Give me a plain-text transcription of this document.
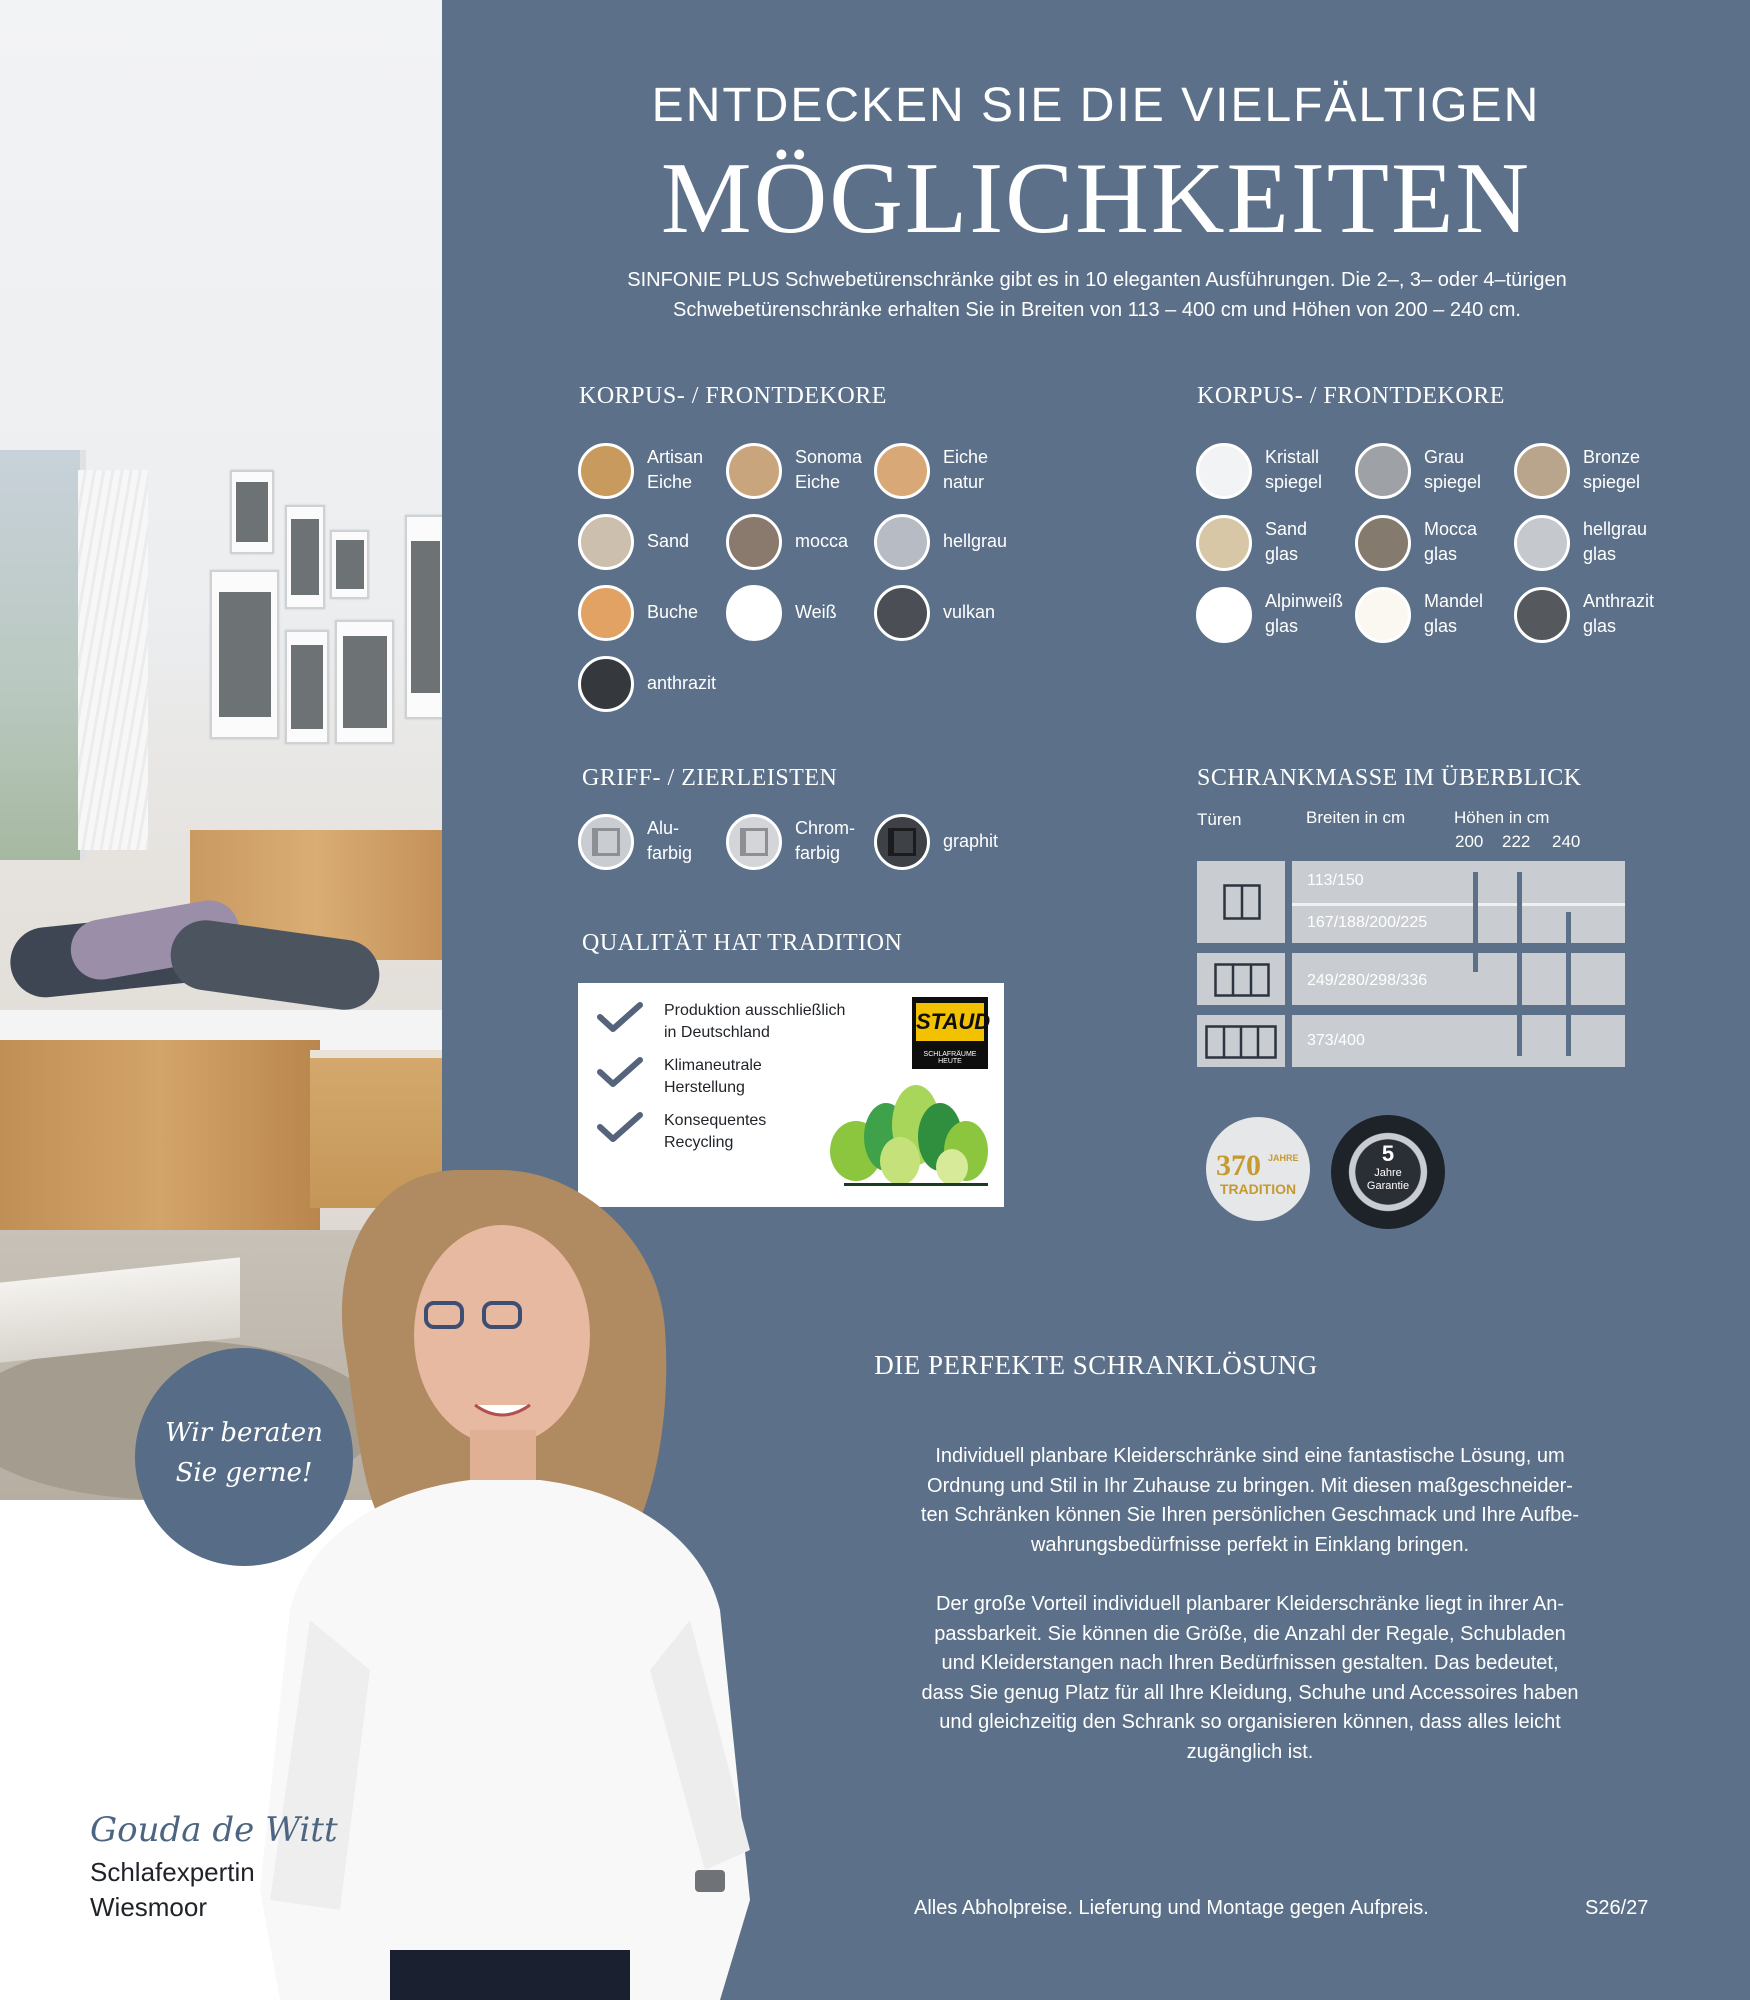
ENTDECKEN SIE DIE VIELFÄLTIGEN
MÖGLICHKEITEN
SINFONIE PLUS Schwebetürenschränke gibt es in 10 eleganten Ausführungen. Die 2–, 3– oder 4–türigen
Schwebetürenschränke erhalten Sie in Breiten von 113 – 400 cm und Höhen von 200 – 240 cm.
KORPUS- / FRONTDEKORE
Artisan
Eiche
Sonoma
Eiche
Eiche
natur
Sand	mocca	hellgrau
Buche	Weiß	vulkan
anthrazit
KORPUS- / FRONTDEKORE
Kristall
spiegel
Grau
spiegel
Bronze
spiegel
Sand
glas
Mocca
glas
hellgrau
glas
Alpinweiß
glas
Mandel
glas
Anthrazit
glas
GRIFF- / ZIERLEISTEN
Alu-
farbig
Chrom-
farbig
graphit
QUALITÄT HAT TRADITION
Produktion ausschließlich
in Deutschland
Klimaneutrale
Herstellung
Konsequentes
Recycling
STAUD
SCHLAFRÄUME HEUTE
SCHRANKMASSE IM ÜBERBLICK
Türen	Breiten in cm	Höhen in cm
200 222 240
113/150
167/188/200/225
249/280/298/336
373/400
370 JAHRE
TRADITION
5
Jahre
Garantie
DIE PERFEKTE SCHRANKLÖSUNG
Individuell planbare Kleiderschränke sind eine fantastische Lösung, um
Ordnung und Stil in Ihr Zuhause zu bringen. Mit diesen maßgeschneider-
ten Schränken können Sie Ihren persönlichen Geschmack und Ihre Aufbe-
wahrungsbedürfnisse perfekt in Einklang bringen.
Der große Vorteil individuell planbarer Kleiderschränke liegt in ihrer An-
passbarkeit. Sie können die Größe, die Anzahl der Regale, Schubladen
und Kleiderstangen nach Ihren Bedürfnissen gestalten. Das bedeutet,
dass Sie genug Platz für all Ihre Kleidung, Schuhe und Accessoires haben
und gleichzeitig den Schrank so organisieren können, dass alles leicht
zugänglich ist.
Alles Abholpreise. Lieferung und Montage gegen Aufpreis.	S26/27
Wir beraten
Sie gerne!
Gouda de Witt
Schlafexpertin
Wiesmoor
